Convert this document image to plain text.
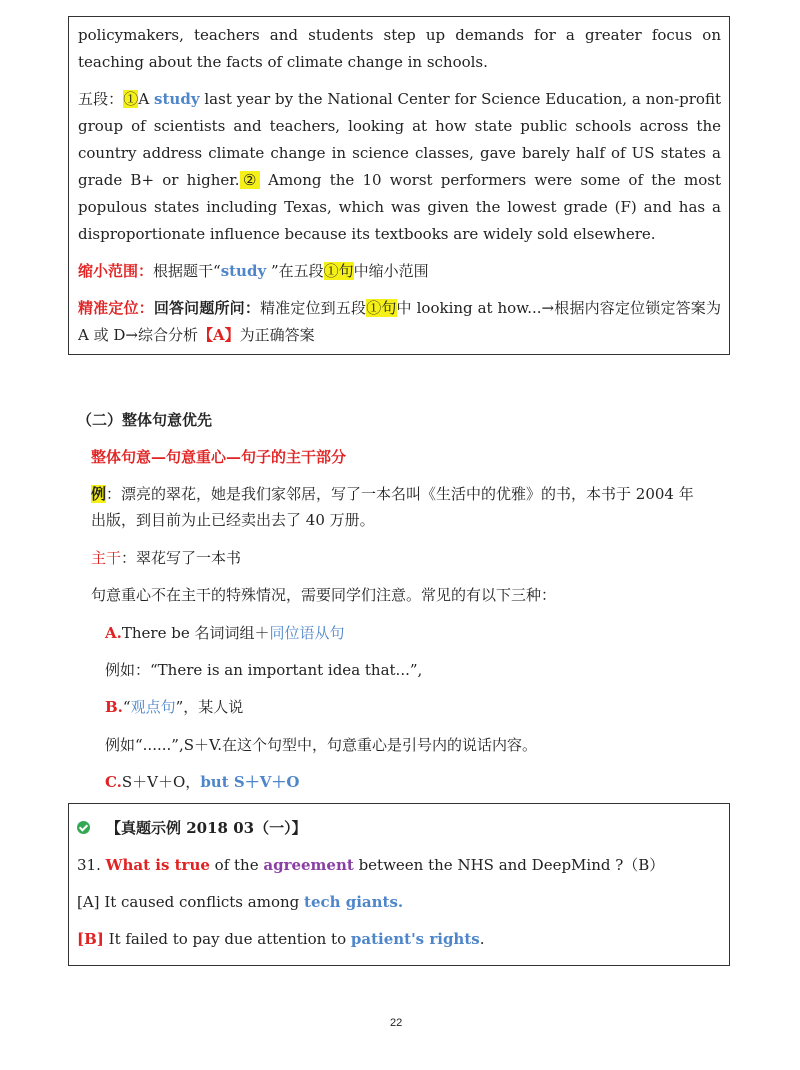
policymakers, teachers and students step up demands for a greater focus on teaching about the facts of climate change in schools.

五段：①A study last year by the National Center for Science Education, a non-profit group of scientists and teachers, looking at how state public schools across the country address climate change in science classes, gave barely half of US states a grade B+ or higher.② Among the 10 worst performers were some of the most populous states including Texas, which was given the lowest grade (F) and has a disproportionate influence because its textbooks are widely sold elsewhere.

缩小范围：根据题干“study ”在五段①句中缩小范围

精准定位：回答问题所问：精准定位到五段①句中 looking at how...→根据内容定位锁定答案为 A 或 D→综合分析【A】为正确答案

（二）整体句意优先
整体句意—句意重心—句子的主干部分
例：漂亮的翠花，她是我们家邻居，写了一本名叫《生活中的优雅》的书，本书于 2004 年
出版，到目前为止已经卖出去了 40 万册。
主干：翠花写了一本书
句意重心不在主干的特殊情况，需要同学们注意。常见的有以下三种：
A.There be 名词词组＋同位语从句
例如：“There is an important idea that...”,
B.“观点句”，某人说
例如“......”,S＋V.在这个句型中，句意重心是引号内的说话内容。
C.S＋V＋O，but S＋V＋O

【真题示例 2018 03（一）】

31. What is true of the agreement between the NHS and DeepMind ?（B）

[A] It caused conflicts among tech giants.

[B] It failed to pay due attention to patient's rights.

22
